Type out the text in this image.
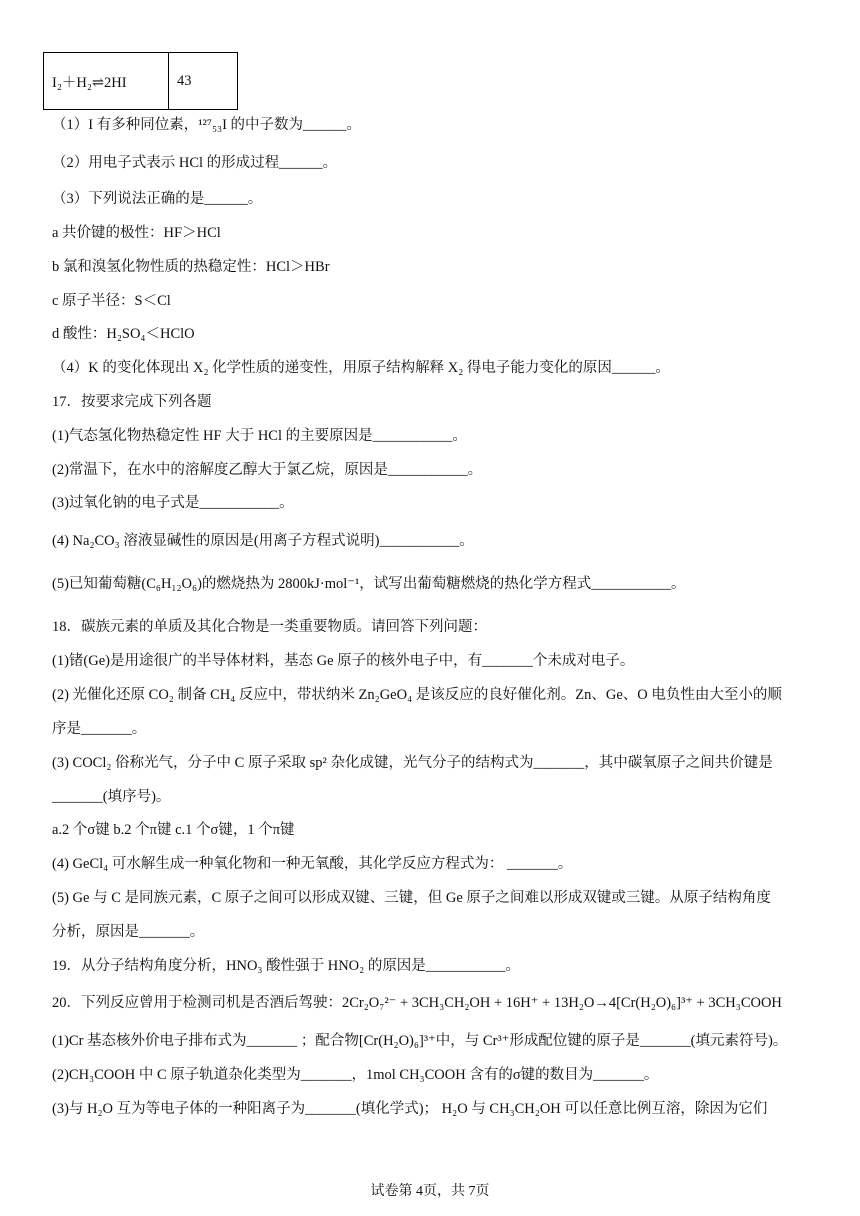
I₂＋H₂⇌2HI	43
（1）I 有多种同位素，¹²⁷₅₃I 的中子数为______。
（2）用电子式表示 HCl 的形成过程______。
（3）下列说法正确的是______。
a 共价键的极性：HF＞HCl
b 氯和溴氢化物性质的热稳定性：HCl＞HBr
c 原子半径：S＜Cl
d 酸性：H₂SO₄＜HClO
（4）K 的变化体现出 X₂ 化学性质的递变性，用原子结构解释 X₂ 得电子能力变化的原因______。
17．按要求完成下列各题
(1)气态氢化物热稳定性 HF 大于 HCl 的主要原因是___________。
(2)常温下，在水中的溶解度乙醇大于氯乙烷，原因是___________。
(3)过氧化钠的电子式是___________。
(4) Na₂CO₃ 溶液显碱性的原因是(用离子方程式说明)___________。
(5)已知葡萄糖(C₆H₁₂O₆)的燃烧热为 2800kJ·mol⁻¹，试写出葡萄糖燃烧的热化学方程式___________。
18．碳族元素的单质及其化合物是一类重要物质。请回答下列问题：
(1)锗(Ge)是用途很广的半导体材料，基态 Ge 原子的核外电子中，有_______个未成对电子。
(2) 光催化还原 CO₂ 制备 CH₄ 反应中，带状纳米 Zn₂GeO₄ 是该反应的良好催化剂。Zn、Ge、O 电负性由大至小的顺
序是_______。
(3) COCl₂ 俗称光气，分子中 C 原子采取 sp² 杂化成键，光气分子的结构式为_______，其中碳氧原子之间共价键是
_______(填序号)。
a.2 个σ键 b.2 个π键 c.1 个σ键，1 个π键
(4) GeCl₄ 可水解生成一种氧化物和一种无氧酸，其化学反应方程式为： _______。
(5) Ge 与 C 是同族元素，C 原子之间可以形成双键、三键，但 Ge 原子之间难以形成双键或三键。从原子结构角度
分析，原因是_______。
19．从分子结构角度分析，HNO₃ 酸性强于 HNO₂ 的原因是___________。
20．下列反应曾用于检测司机是否酒后驾驶：2Cr₂O₇²⁻ + 3CH₃CH₂OH + 16H⁺ + 13H₂O→4[Cr(H₂O)₆]³⁺ + 3CH₃COOH
(1)Cr 基态核外价电子排布式为_______ ；配合物[Cr(H₂O)₆]³⁺中，与 Cr³⁺形成配位键的原子是_______(填元素符号)。
(2)CH₃COOH 中 C 原子轨道杂化类型为_______，1mol CH₃COOH 含有的σ键的数目为_______。
(3)与 H₂O 互为等电子体的一种阳离子为_______(填化学式)； H₂O 与 CH₃CH₂OH 可以任意比例互溶，除因为它们
试卷第 4页，共 7页
